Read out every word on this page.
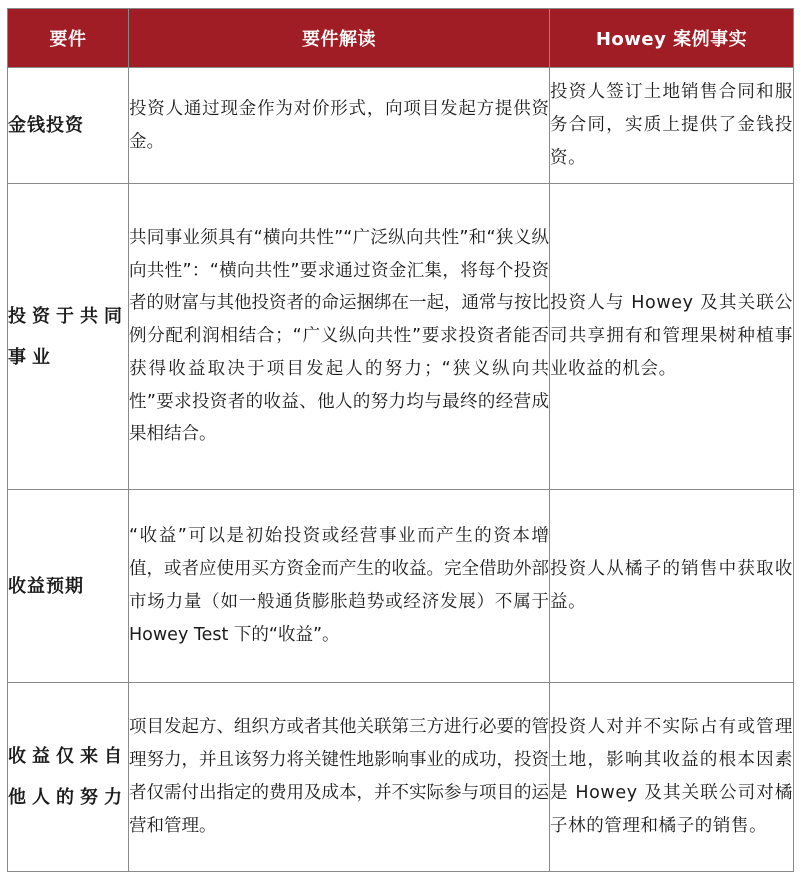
要件	要件解读	Howey 案例事实
金钱投资	投资人通过现金作为对价形式，向项目发起方提供资金。	投资人签订土地销售合同和服务合同，实质上提供了金钱投资。
投资于共同事业	共同事业须具有“横向共性”“广泛纵向共性”和“狭义纵向共性”：“横向共性”要求通过资金汇集，将每个投资者的财富与其他投资者的命运捆绑在一起，通常与按比例分配利润相结合；“广义纵向共性”要求投资者能否获得收益取决于项目发起人的努力；“狭义纵向共性”要求投资者的收益、他人的努力均与最终的经营成果相结合。	投资人与 Howey 及其关联公司共享拥有和管理果树种植事业收益的机会。
收益预期	“收益”可以是初始投资或经营事业而产生的资本增值，或者应使用买方资金而产生的收益。完全借助外部市场力量（如一般通货膨胀趋势或经济发展）不属于 Howey Test 下的“收益”。	投资人从橘子的销售中获取收益。
收益仅来自他人的努力	项目发起方、组织方或者其他关联第三方进行必要的管理努力，并且该努力将关键性地影响事业的成功，投资者仅需付出指定的费用及成本，并不实际参与项目的运营和管理。	投资人对并不实际占有或管理土地，影响其收益的根本因素是 Howey 及其关联公司对橘子林的管理和橘子的销售。
